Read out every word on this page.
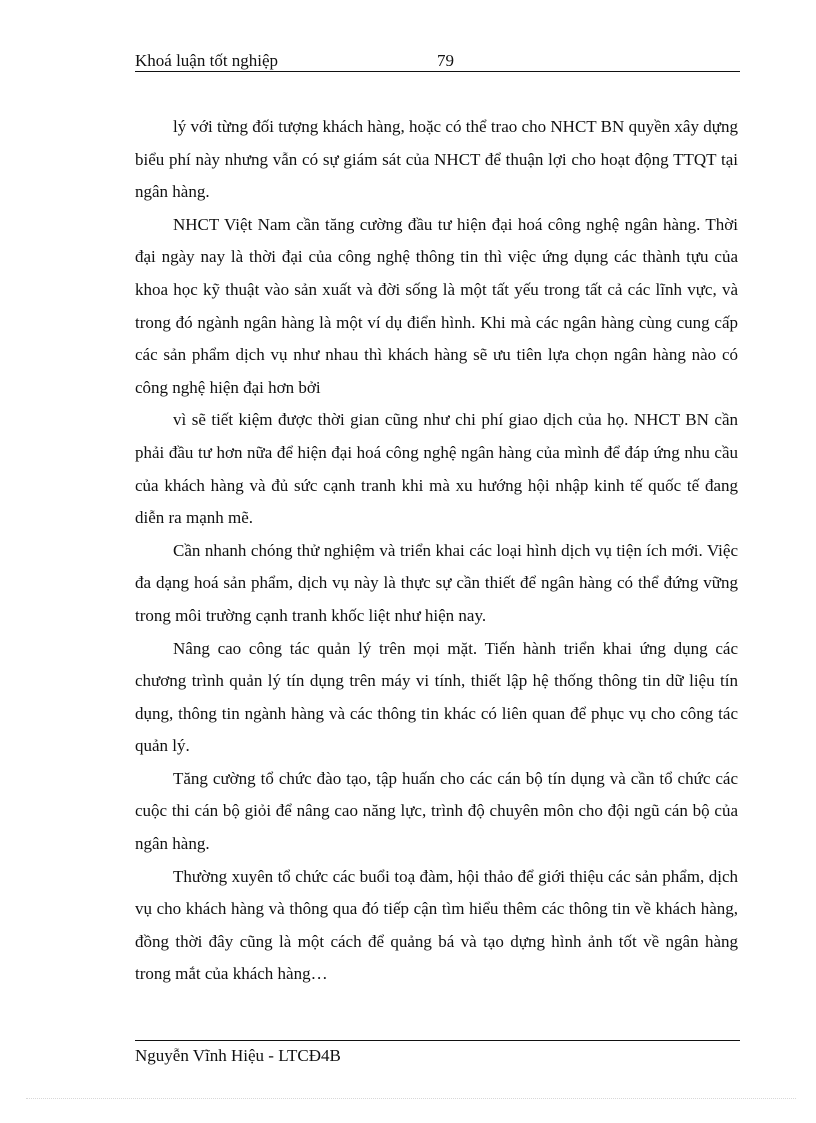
Khoá luận tốt nghiệp	79

lý với từng đối tượng khách hàng, hoặc có thể trao cho NHCT BN quyền xây dựng biểu phí này nhưng vẫn có sự giám sát của NHCT để thuận lợi cho hoạt động TTQT tại ngân hàng.

NHCT Việt Nam cần tăng cường đầu tư hiện đại hoá công nghệ ngân hàng. Thời đại ngày nay là thời đại của công nghệ thông tin thì việc ứng dụng các thành tựu của khoa học kỹ thuật vào sản xuất và đời sống là một tất yếu trong tất cả các lĩnh vực, và trong đó ngành ngân hàng là một ví dụ điển hình. Khi mà các ngân hàng cùng cung cấp các sản phẩm dịch vụ như nhau thì khách hàng sẽ ưu tiên lựa chọn ngân hàng nào có công nghệ hiện đại hơn bởi

vì sẽ tiết kiệm được thời gian cũng như chi phí giao dịch của họ. NHCT BN cần phải đầu tư hơn nữa để hiện đại hoá công nghệ ngân hàng của mình để đáp ứng nhu cầu của khách hàng và đủ sức cạnh tranh khi mà xu hướng hội nhập kinh tế quốc tế đang diễn ra mạnh mẽ.

Cần nhanh chóng thử nghiệm và triển khai các loại hình dịch vụ tiện ích mới. Việc đa dạng hoá sản phẩm, dịch vụ này là thực sự cần thiết để ngân hàng có thể đứng vững trong môi trường cạnh tranh khốc liệt như hiện nay.

Nâng cao công tác quản lý trên mọi mặt. Tiến hành triển khai ứng dụng các chương trình quản lý tín dụng trên máy vi tính, thiết lập hệ thống thông tin dữ liệu tín dụng, thông tin ngành hàng và các thông tin khác có liên quan để phục vụ cho công tác quản lý.

Tăng cường tổ chức đào tạo, tập huấn cho các cán bộ tín dụng và cần tổ chức các cuộc thi cán bộ giỏi để nâng cao năng lực, trình độ chuyên môn cho đội ngũ cán bộ của ngân hàng.

Thường xuyên tổ chức các buổi toạ đàm, hội thảo để giới thiệu các sản phẩm, dịch vụ cho khách hàng và thông qua đó tiếp cận tìm hiểu thêm các thông tin về khách hàng, đồng thời đây cũng là một cách để quảng bá và tạo dựng hình ảnh tốt về ngân hàng trong mắt của khách hàng…

Nguyễn Vĩnh Hiệu - LTCĐ4B
